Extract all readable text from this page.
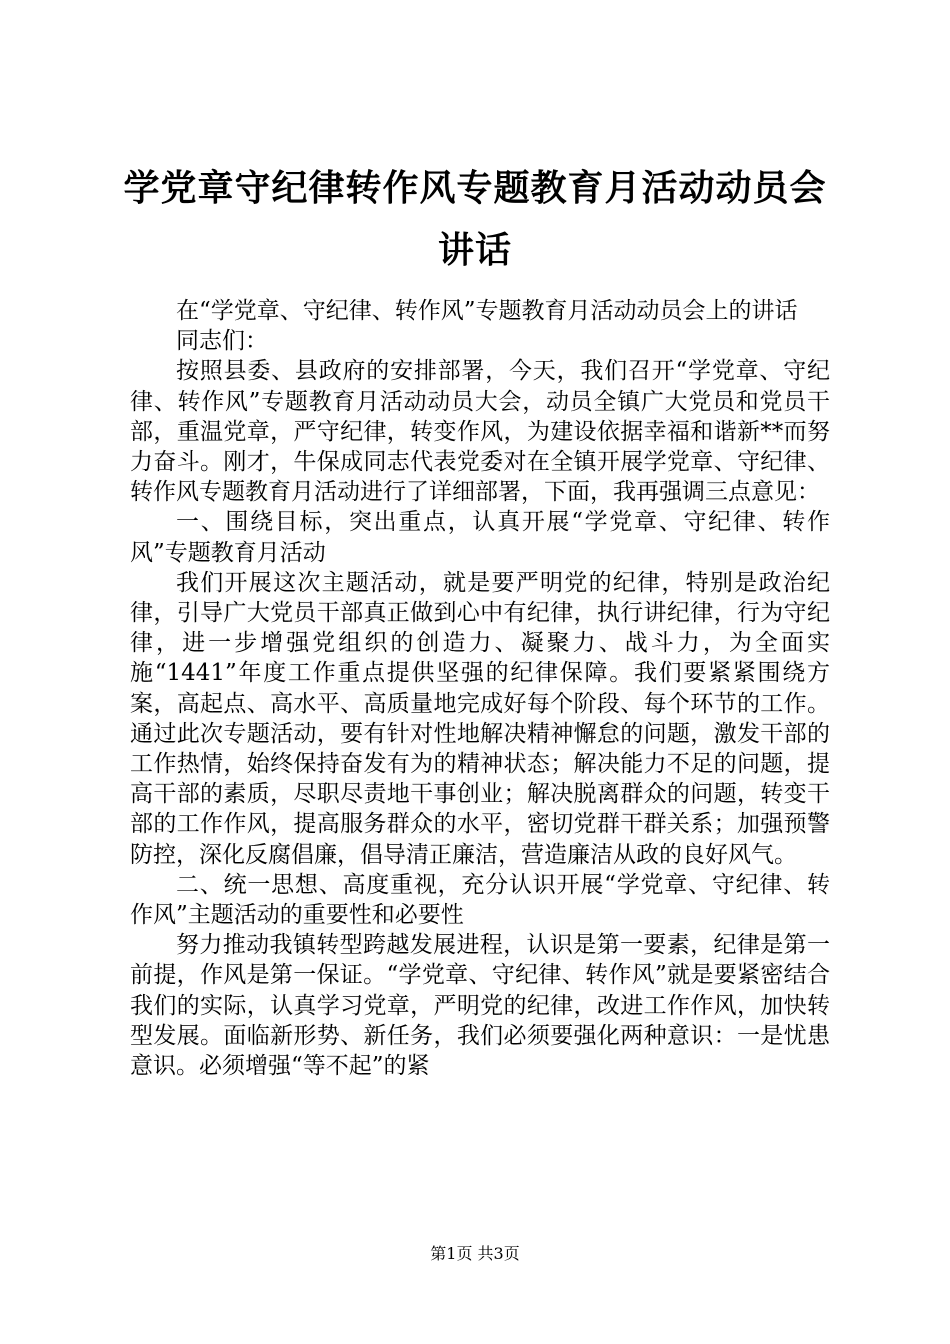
学党章守纪律转作风专题教育月活动动员会讲话

在“学党章、守纪律、转作风”专题教育月活动动员会上的讲话

同志们：

按照县委、县政府的安排部署，今天，我们召开“学党章、守纪律、转作风”专题教育月活动动员大会，动员全镇广大党员和党员干部，重温党章，严守纪律，转变作风，为建设依据幸福和谐新**而努力奋斗。刚才，牛保成同志代表党委对在全镇开展学党章、守纪律、转作风专题教育月活动进行了详细部署，下面，我再强调三点意见：

一、围绕目标，突出重点，认真开展“学党章、守纪律、转作风”专题教育月活动

我们开展这次主题活动，就是要严明党的纪律，特别是政治纪律，引导广大党员干部真正做到心中有纪律，执行讲纪律，行为守纪律，进一步增强党组织的创造力、凝聚力、战斗力，为全面实施“1441”年度工作重点提供坚强的纪律保障。我们要紧紧围绕方案，高起点、高水平、高质量地完成好每个阶段、每个环节的工作。通过此次专题活动，要有针对性地解决精神懈怠的问题，激发干部的工作热情，始终保持奋发有为的精神状态；解决能力不足的问题，提高干部的素质，尽职尽责地干事创业；解决脱离群众的问题，转变干部的工作作风，提高服务群众的水平，密切党群干群关系；加强预警防控，深化反腐倡廉，倡导清正廉洁，营造廉洁从政的良好风气。

二、统一思想、高度重视，充分认识开展“学党章、守纪律、转作风”主题活动的重要性和必要性

努力推动我镇转型跨越发展进程，认识是第一要素，纪律是第一前提，作风是第一保证。“学党章、守纪律、转作风”就是要紧密结合我们的实际，认真学习党章，严明党的纪律，改进工作作风，加快转型发展。面临新形势、新任务，我们必须要强化两种意识：一是忧患意识。必须增强“等不起”的紧

第1页 共3页
